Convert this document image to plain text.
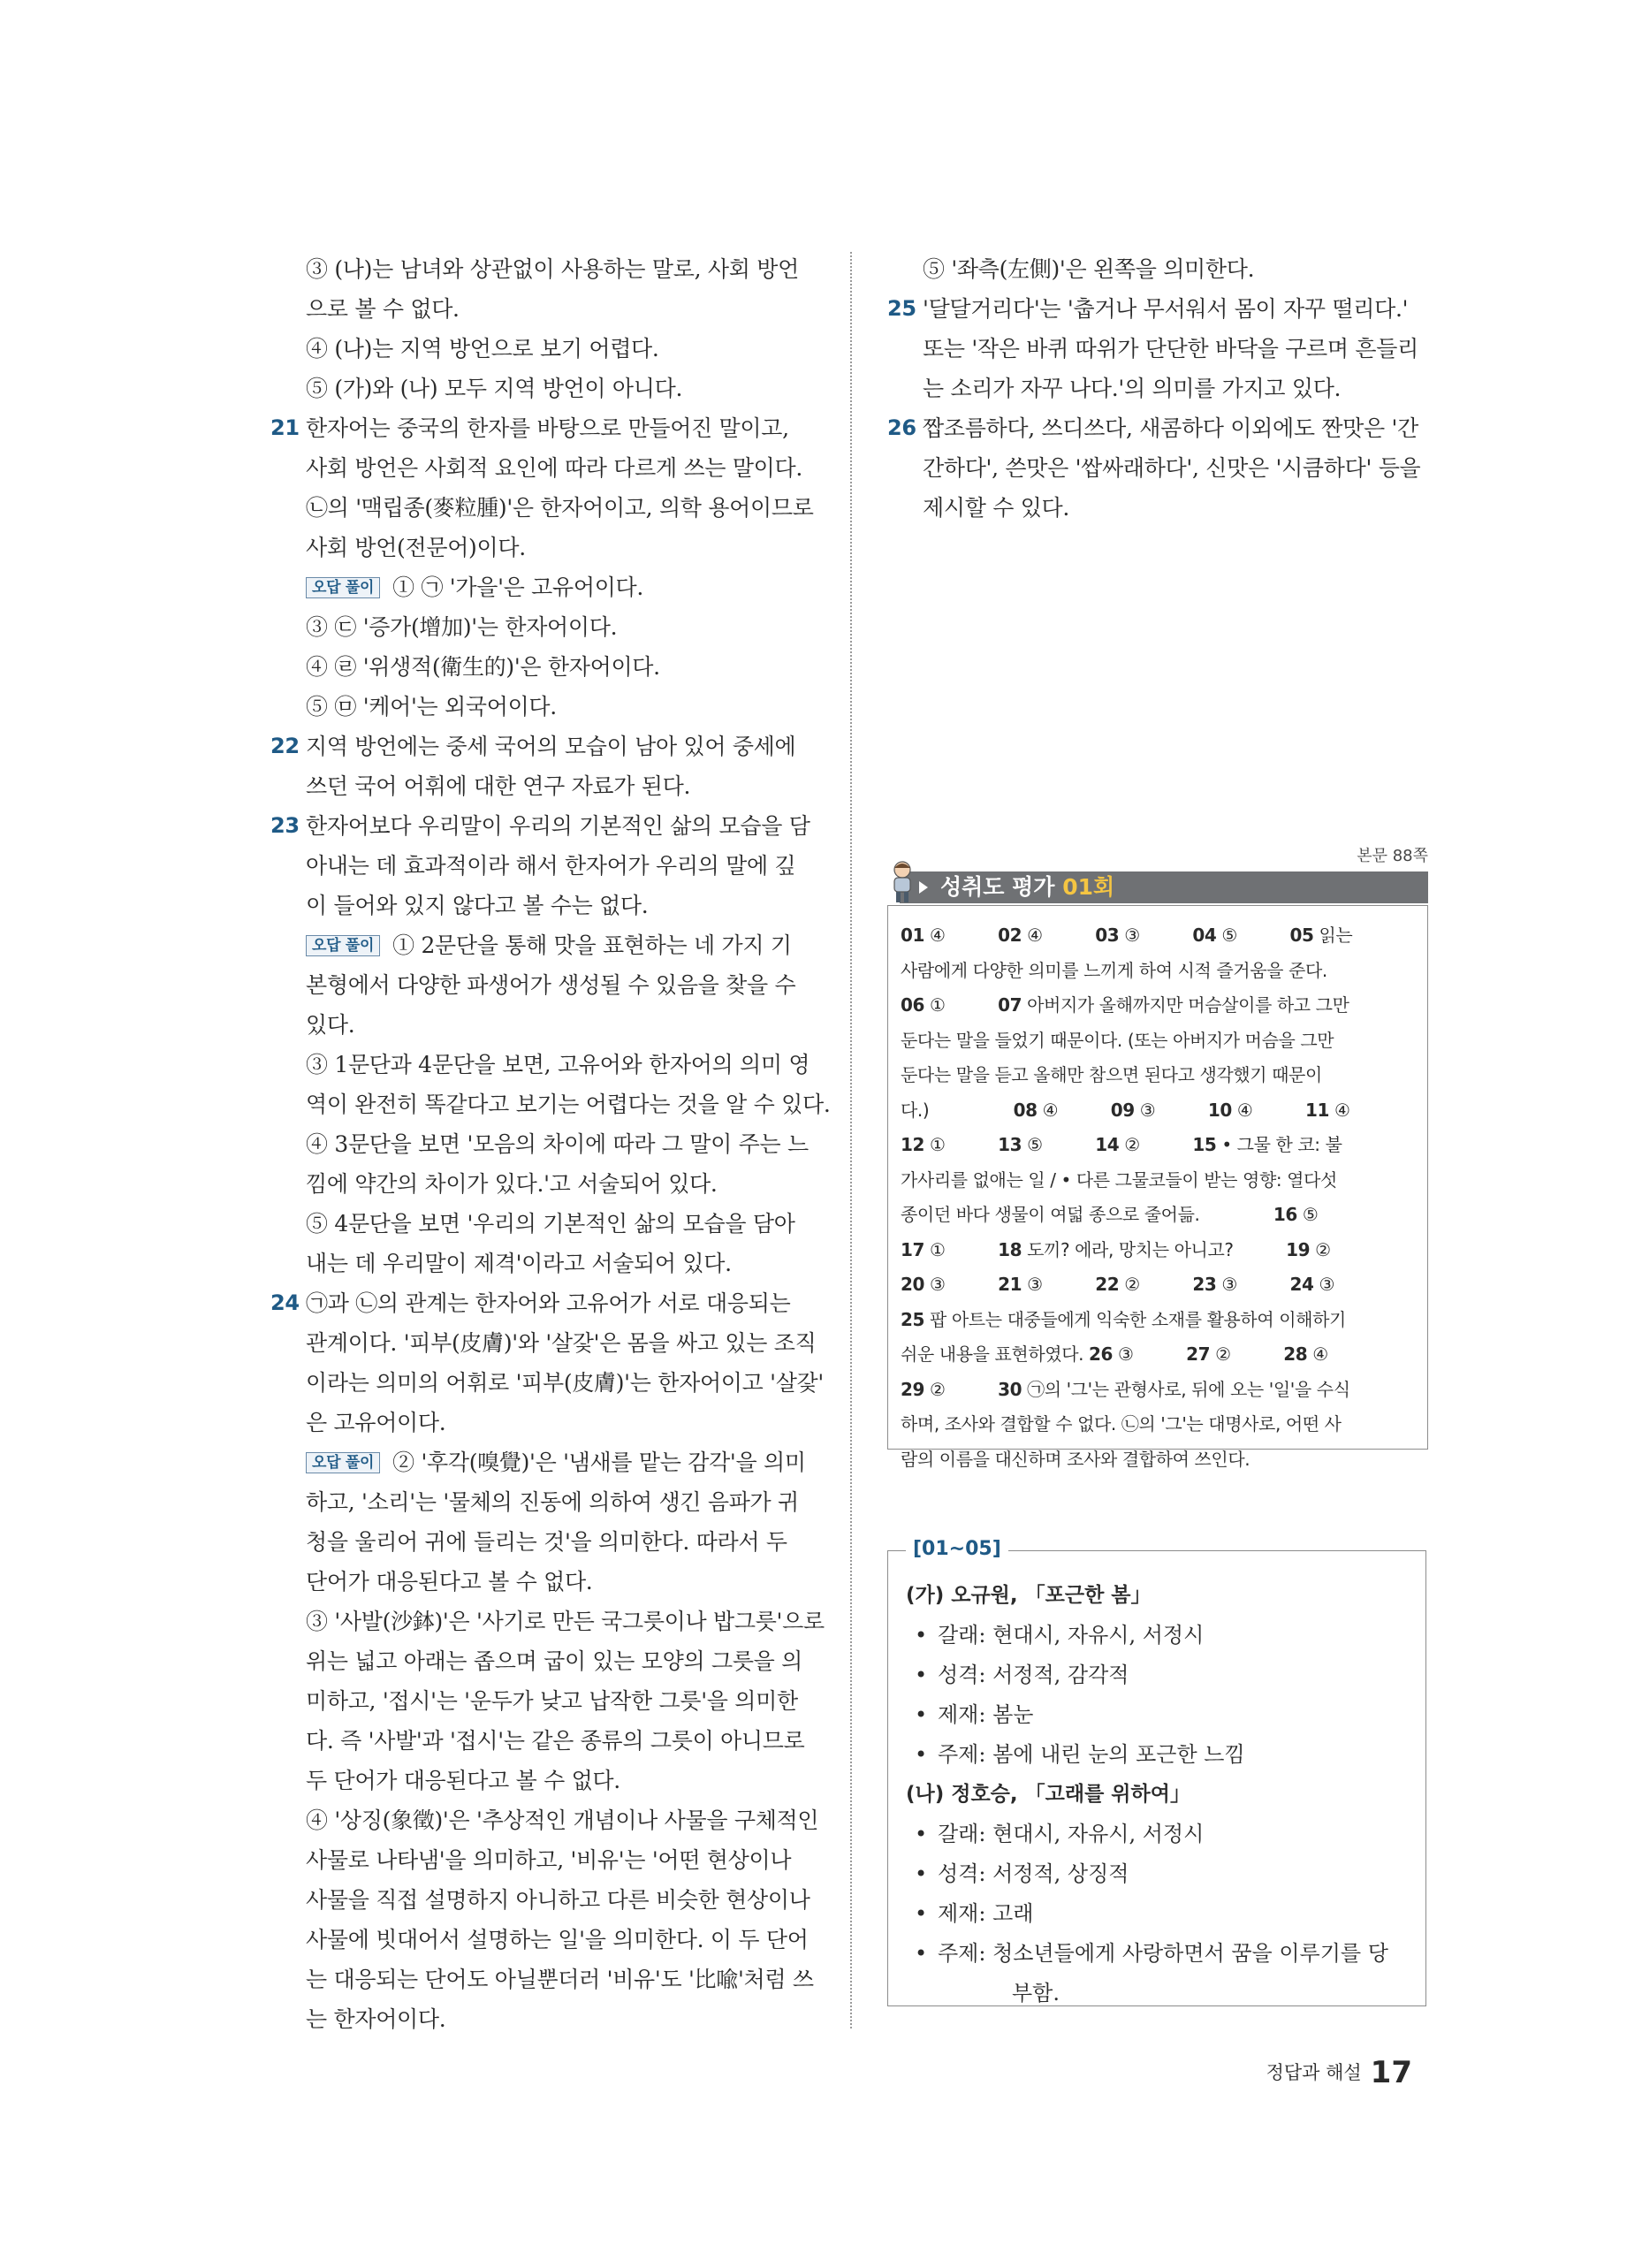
③ (나)는 남녀와 상관없이 사용하는 말로, 사회 방언
으로 볼 수 없다.
④ (나)는 지역 방언으로 보기 어렵다.
⑤ (가)와 (나) 모두 지역 방언이 아니다.
21 한자어는 중국의 한자를 바탕으로 만들어진 말이고,
사회 방언은 사회적 요인에 따라 다르게 쓰는 말이다.
㉡의 '맥립종(麥粒腫)'은 한자어이고, 의학 용어이므로
사회 방언(전문어)이다.
오답 풀이 ① ㉠ '가을'은 고유어이다.
③ ㉢ '증가(增加)'는 한자어이다.
④ ㉣ '위생적(衛生的)'은 한자어이다.
⑤ ㉤ '케어'는 외국어이다.
22 지역 방언에는 중세 국어의 모습이 남아 있어 중세에
쓰던 국어 어휘에 대한 연구 자료가 된다.
23 한자어보다 우리말이 우리의 기본적인 삶의 모습을 담
아내는 데 효과적이라 해서 한자어가 우리의 말에 깊
이 들어와 있지 않다고 볼 수는 없다.
오답 풀이 ① 2문단을 통해 맛을 표현하는 네 가지 기
본형에서 다양한 파생어가 생성될 수 있음을 찾을 수
있다.
③ 1문단과 4문단을 보면, 고유어와 한자어의 의미 영
역이 완전히 똑같다고 보기는 어렵다는 것을 알 수 있다.
④ 3문단을 보면 '모음의 차이에 따라 그 말이 주는 느
낌에 약간의 차이가 있다.'고 서술되어 있다.
⑤ 4문단을 보면 '우리의 기본적인 삶의 모습을 담아
내는 데 우리말이 제격'이라고 서술되어 있다.
24 ㉠과 ㉡의 관계는 한자어와 고유어가 서로 대응되는
관계이다. '피부(皮膚)'와 '살갗'은 몸을 싸고 있는 조직
이라는 의미의 어휘로 '피부(皮膚)'는 한자어이고 '살갗'
은 고유어이다.
오답 풀이 ② '후각(嗅覺)'은 '냄새를 맡는 감각'을 의미
하고, '소리'는 '물체의 진동에 의하여 생긴 음파가 귀
청을 울리어 귀에 들리는 것'을 의미한다. 따라서 두
단어가 대응된다고 볼 수 없다.
③ '사발(沙鉢)'은 '사기로 만든 국그릇이나 밥그릇'으로
위는 넓고 아래는 좁으며 굽이 있는 모양의 그릇을 의
미하고, '접시'는 '운두가 낮고 납작한 그릇'을 의미한
다. 즉 '사발'과 '접시'는 같은 종류의 그릇이 아니므로
두 단어가 대응된다고 볼 수 없다.
④ '상징(象徵)'은 '추상적인 개념이나 사물을 구체적인
사물로 나타냄'을 의미하고, '비유'는 '어떤 현상이나
사물을 직접 설명하지 아니하고 다른 비슷한 현상이나
사물에 빗대어서 설명하는 일'을 의미한다. 이 두 단어
는 대응되는 단어도 아닐뿐더러 '비유'도 '比喩'처럼 쓰
는 한자어이다.
⑤ '좌측(左側)'은 왼쪽을 의미한다.
25 '달달거리다'는 '춥거나 무서워서 몸이 자꾸 떨리다.'
또는 '작은 바퀴 따위가 단단한 바닥을 구르며 흔들리
는 소리가 자꾸 나다.'의 의미를 가지고 있다.
26 짭조름하다, 쓰디쓰다, 새콤하다 이외에도 짠맛은 '간
간하다', 쓴맛은 '쌉싸래하다', 신맛은 '시큼하다' 등을
제시할 수 있다.
본문 88쪽
성취도 평가 01회
01 ④          02 ④          03 ③          04 ⑤          05 읽는
사람에게 다양한 의미를 느끼게 하여 시적 즐거움을 준다.
06 ①          07 아버지가 올해까지만 머슴살이를 하고 그만
둔다는 말을 들었기 때문이다. (또는 아버지가 머슴을 그만
둔다는 말을 듣고 올해만 참으면 된다고 생각했기 때문이
다.)                08 ④          09 ③          10 ④          11 ④
12 ①          13 ⑤          14 ②          15 • 그물 한 코: 불
가사리를 없애는 일 / • 다른 그물코들이 받는 영향: 열다섯
종이던 바다 생물이 여덟 종으로 줄어듦.              16 ⑤
17 ①          18 도끼? 에라, 망치는 아니고?          19 ②
20 ③          21 ③          22 ②          23 ③          24 ③
25 팝 아트는 대중들에게 익숙한 소재를 활용하여 이해하기
쉬운 내용을 표현하였다. 26 ③          27 ②          28 ④
29 ②          30 ㉠의 '그'는 관형사로, 뒤에 오는 '일'을 수식
하며, 조사와 결합할 수 없다. ㉡의 '그'는 대명사로, 어떤 사
람의 이름을 대신하며 조사와 결합하여 쓰인다.
[01~05]
(가) 오규원, 「포근한 봄」
• 갈래: 현대시, 자유시, 서정시
• 성격: 서정적, 감각적
• 제재: 봄눈
• 주제: 봄에 내린 눈의 포근한 느낌
(나) 정호승, 「고래를 위하여」
• 갈래: 현대시, 자유시, 서정시
• 성격: 서정적, 상징적
• 제재: 고래
• 주제: 청소년들에게 사랑하면서 꿈을 이루기를 당
부함.
정답과 해설 17
